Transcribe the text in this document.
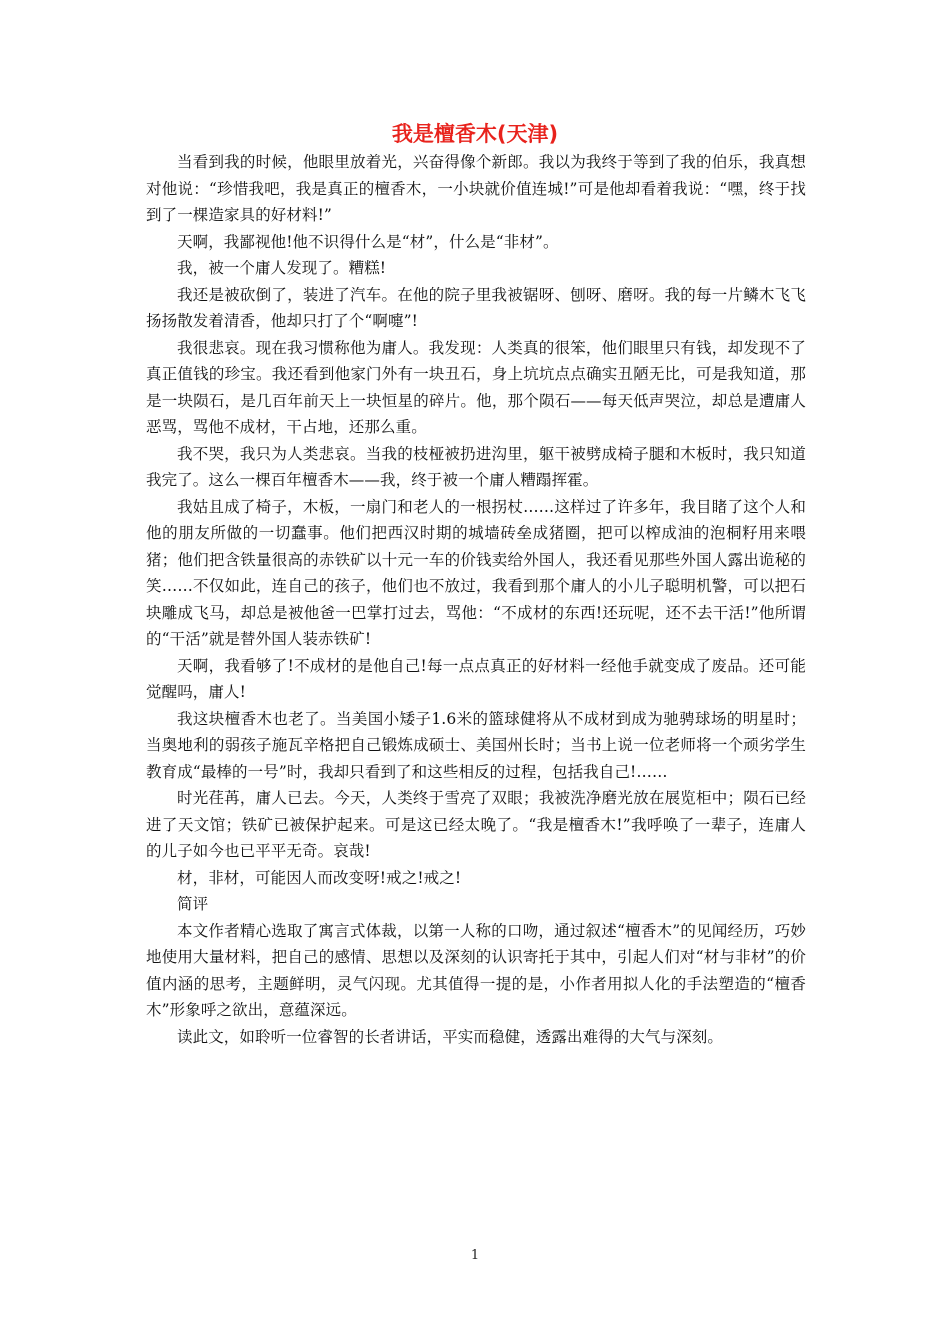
我是檀香木(天津)

当看到我的时候，他眼里放着光，兴奋得像个新郎。我以为我终于等到了我的伯乐，我真想对他说：“珍惜我吧，我是真正的檀香木，一小块就价值连城!”可是他却看着我说：“嘿，终于找到了一棵造家具的好材料!”

天啊，我鄙视他!他不识得什么是“材”，什么是“非材”。

我，被一个庸人发现了。糟糕!

我还是被砍倒了，装进了汽车。在他的院子里我被锯呀、刨呀、磨呀。我的每一片鳞木飞飞扬扬散发着清香，他却只打了个“啊嚏”!

我很悲哀。现在我习惯称他为庸人。我发现：人类真的很笨，他们眼里只有钱，却发现不了真正值钱的珍宝。我还看到他家门外有一块丑石，身上坑坑点点确实丑陋无比，可是我知道，那是一块陨石，是几百年前天上一块恒星的碎片。他，那个陨石——每天低声哭泣，却总是遭庸人恶骂，骂他不成材，干占地，还那么重。

我不哭，我只为人类悲哀。当我的枝桠被扔进沟里，躯干被劈成椅子腿和木板时，我只知道我完了。这么一棵百年檀香木——我，终于被一个庸人糟蹋挥霍。

我姑且成了椅子，木板，一扇门和老人的一根拐杖……这样过了许多年，我目睹了这个人和他的朋友所做的一切蠢事。他们把西汉时期的城墙砖垒成猪圈，把可以榨成油的泡桐籽用来喂猪；他们把含铁量很高的赤铁矿以十元一车的价钱卖给外国人，我还看见那些外国人露出诡秘的笑……不仅如此，连自己的孩子，他们也不放过，我看到那个庸人的小儿子聪明机警，可以把石块雕成飞马，却总是被他爸一巴掌打过去，骂他：“不成材的东西!还玩呢，还不去干活!”他所谓的“干活”就是替外国人装赤铁矿!

天啊，我看够了!不成材的是他自己!每一点点真正的好材料一经他手就变成了废品。还可能觉醒吗，庸人!

我这块檀香木也老了。当美国小矮子1.6米的篮球健将从不成材到成为驰骋球场的明星时；当奥地利的弱孩子施瓦辛格把自己锻炼成硕士、美国州长时；当书上说一位老师将一个顽劣学生教育成“最棒的一号”时，我却只看到了和这些相反的过程，包括我自己!……

时光荏苒，庸人已去。今天，人类终于雪亮了双眼；我被洗净磨光放在展览柜中；陨石已经进了天文馆；铁矿已被保护起来。可是这已经太晚了。“我是檀香木!”我呼唤了一辈子，连庸人的儿子如今也已平平无奇。哀哉!

材，非材，可能因人而改变呀!戒之!戒之!

简评

本文作者精心选取了寓言式体裁，以第一人称的口吻，通过叙述“檀香木”的见闻经历，巧妙地使用大量材料，把自己的感情、思想以及深刻的认识寄托于其中，引起人们对“材与非材”的价值内涵的思考，主题鲜明，灵气闪现。尤其值得一提的是，小作者用拟人化的手法塑造的“檀香木”形象呼之欲出，意蕴深远。

读此文，如聆听一位睿智的长者讲话，平实而稳健，透露出难得的大气与深刻。

1
